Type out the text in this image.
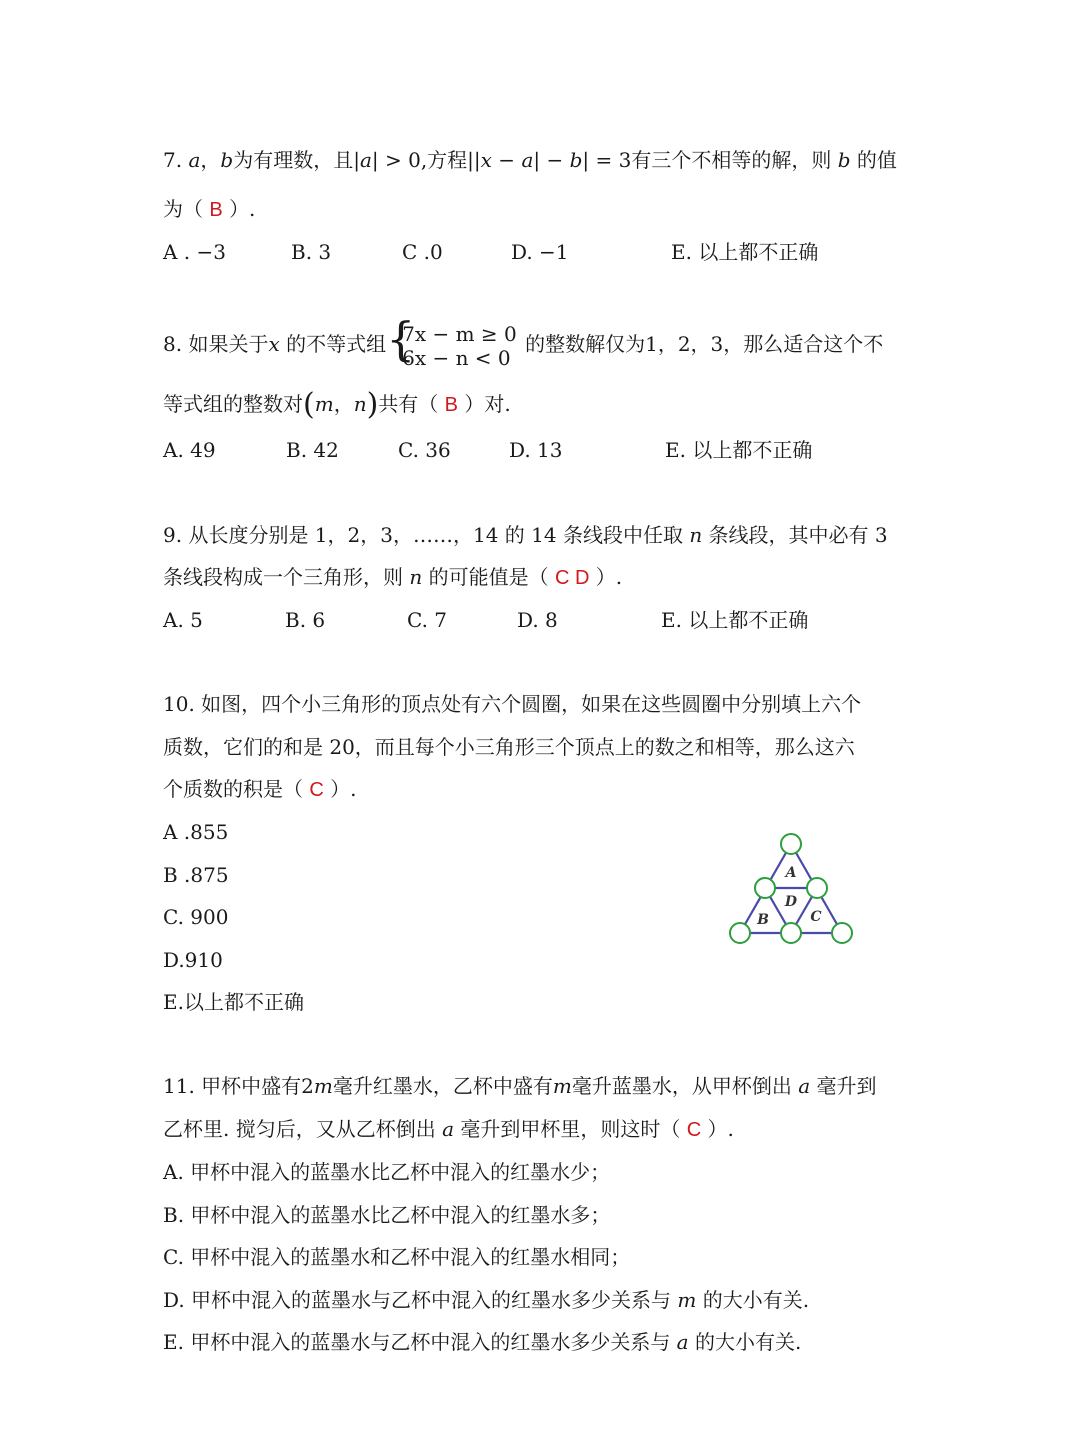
7. a，b为有理数，且|a| > 0,方程||x − a| − b| = 3有三个不相等的解，则 b 的值
为（ B ）.
A . −3	B. 3	C .0	D. −1	E. 以上都不正确
8. 如果关于x 的不等式组 {
7x − m ≥ 0
6x − n < 0
的整数解仅为1，2，3，那么适合这个不
等式组的整数对(m，n)共有（ B ）对.
A. 49	B. 42	C. 36	D. 13	E. 以上都不正确
9. 从长度分别是 1，2，3，……，14 的 14 条线段中任取 n 条线段，其中必有 3
条线段构成一个三角形，则 n 的可能值是（ C D ）.
A. 5	B. 6	C. 7	D. 8	E. 以上都不正确
10. 如图，四个小三角形的顶点处有六个圆圈，如果在这些圆圈中分别填上六个
质数，它们的和是 20，而且每个小三角形三个顶点上的数之和相等，那么这六
个质数的积是（ C ）.
A .855
B .875
C. 900
D.910
E.以上都不正确
A
B	C
D
11. 甲杯中盛有2m毫升红墨水，乙杯中盛有m毫升蓝墨水，从甲杯倒出 a 毫升到
乙杯里. 搅匀后，又从乙杯倒出 a 毫升到甲杯里，则这时（ C ）.
A. 甲杯中混入的蓝墨水比乙杯中混入的红墨水少；
B. 甲杯中混入的蓝墨水比乙杯中混入的红墨水多；
C. 甲杯中混入的蓝墨水和乙杯中混入的红墨水相同；
D. 甲杯中混入的蓝墨水与乙杯中混入的红墨水多少关系与 m 的大小有关.
E. 甲杯中混入的蓝墨水与乙杯中混入的红墨水多少关系与 a 的大小有关.
